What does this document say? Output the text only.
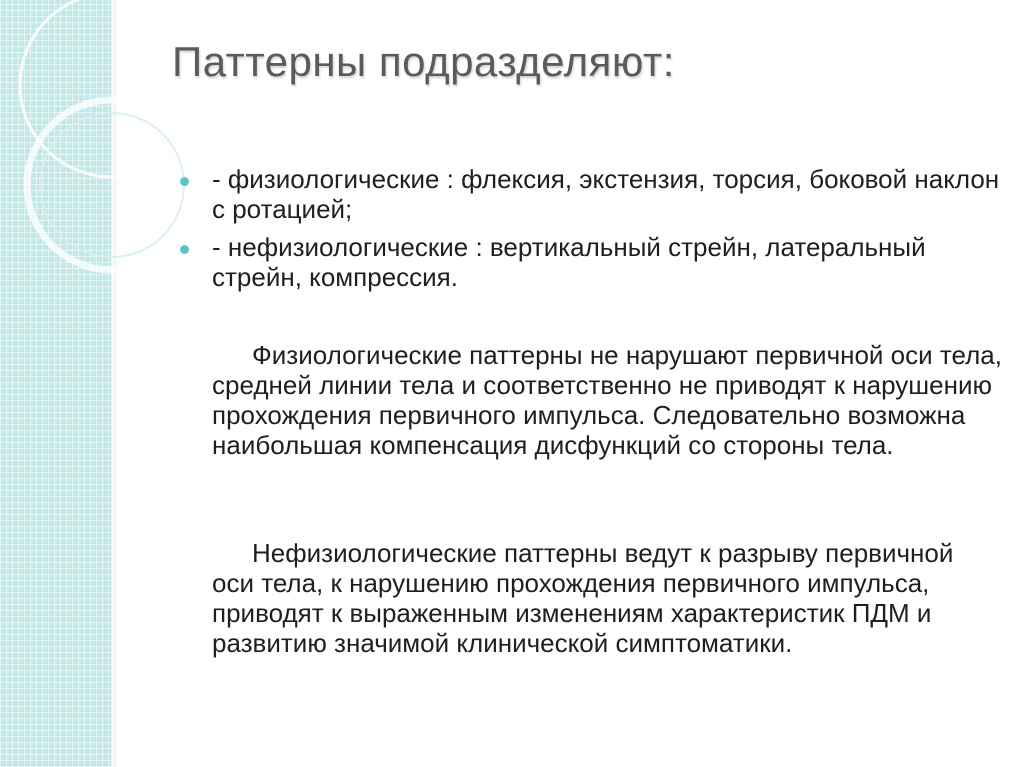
Паттерны подразделяют:
- физиологические : флексия, экстензия, торсия, боковой наклон с ротацией;
- нефизиологические : вертикальный стрейн, латеральный стрейн, компрессия.
Физиологические паттерны не нарушают первичной оси тела, средней линии тела и соответственно не приводят к нарушению прохождения первичного импульса. Следовательно возможна наибольшая компенсация дисфункций со стороны тела.
Нефизиологические паттерны ведут к разрыву первичной оси тела, к нарушению прохождения первичного импульса, приводят к выраженным изменениям характеристик ПДМ и развитию значимой клинической симптоматики.
